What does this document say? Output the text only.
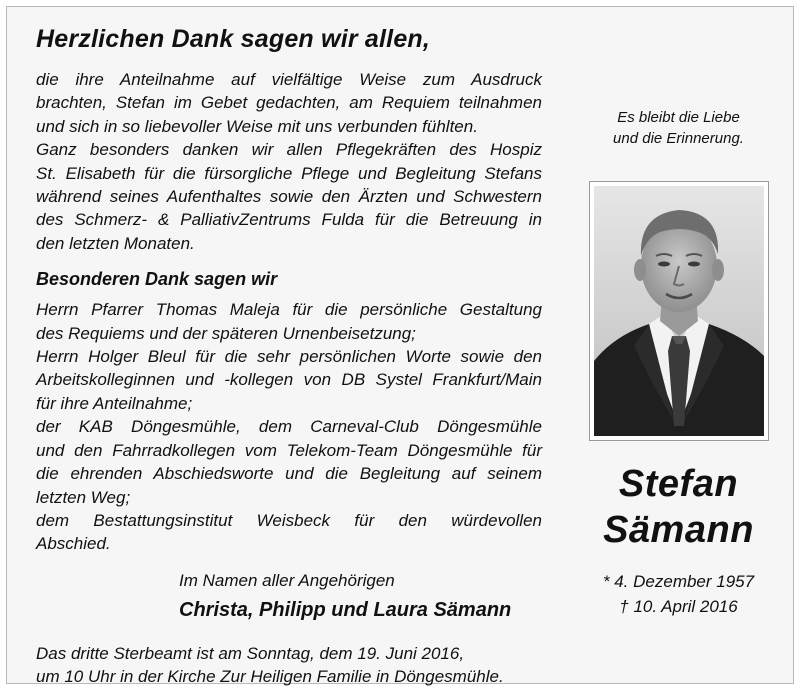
Herzlichen Dank sagen wir allen,
die ihre Anteilnahme auf vielfältige Weise zum Ausdruck
brachten, Stefan im Gebet gedachten, am Requiem teilnahmen
und sich in so liebevoller Weise mit uns verbunden fühlten.
Ganz besonders danken wir allen Pflegekräften des Hospiz
St. Elisabeth für die fürsorgliche Pflege und Begleitung Stefans
während seines Aufenthaltes sowie den Ärzten und Schwestern
des Schmerz- & PalliativZentrums Fulda für die Betreuung in
den letzten Monaten.
Besonderen Dank sagen wir
Herrn Pfarrer Thomas Maleja für die persönliche Gestaltung
des Requiems und der späteren Urnenbeisetzung;
Herrn Holger Bleul für die sehr persönlichen Worte sowie den
Arbeitskolleginnen und -kollegen von DB Systel Frankfurt/Main
für ihre Anteilnahme;
der KAB Döngesmühle, dem Carneval-Club Döngesmühle
und den Fahrradkollegen vom Telekom-Team Döngesmühle für
die ehrenden Abschiedsworte und die Begleitung auf seinem
letzten Weg;
dem Bestattungsinstitut Weisbeck für den würdevollen
Abschied.
Im Namen aller Angehörigen
Christa, Philipp und Laura Sämann
Das dritte Sterbeamt ist am Sonntag, dem 19. Juni 2016,
um 10 Uhr in der Kirche Zur Heiligen Familie in Döngesmühle.
Es bleibt die Liebe
und die Erinnerung.
Stefan
Sämann
* 4. Dezember 1957
† 10. April 2016
